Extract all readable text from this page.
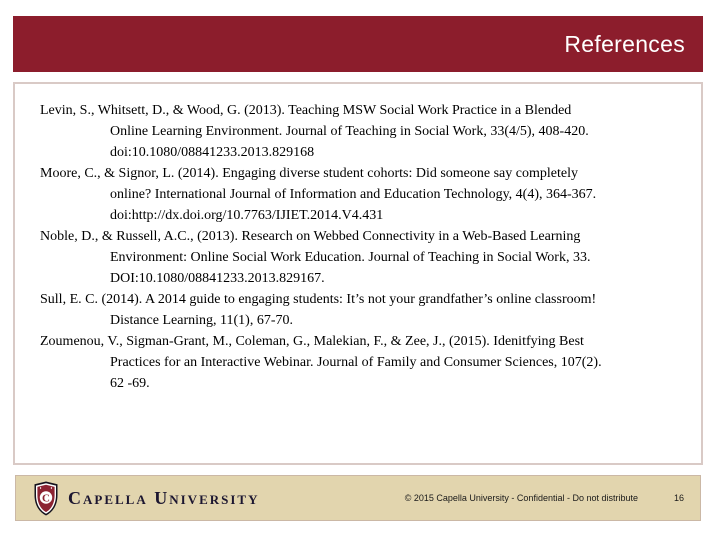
References
Levin, S., Whitsett, D., & Wood, G. (2013). Teaching MSW Social Work Practice in a Blended
Online Learning Environment. Journal of Teaching in Social Work, 33(4/5), 408-420.
doi:10.1080/08841233.2013.829168
Moore, C., & Signor, L. (2014). Engaging diverse student cohorts: Did someone say completely
online? International Journal of Information and Education Technology, 4(4), 364-367.
doi:http://dx.doi.org/10.7763/IJIET.2014.V4.431
Noble, D., & Russell, A.C., (2013). Research on Webbed Connectivity in a Web-Based Learning
Environment: Online Social Work Education. Journal of Teaching in Social Work, 33.
DOI:10.1080/08841233.2013.829167.
Sull, E. C. (2014). A 2014 guide to engaging students: It’s not your grandfather’s online classroom!
Distance Learning, 11(1), 67-70.
Zoumenou, V., Sigman-Grant, M., Coleman, G., Malekian, F., & Zee, J., (2015). Idenitfying Best
Practices for an Interactive Webinar. Journal of Family and Consumer Sciences, 107(2).
62 -69.
C Capella University	© 2015 Capella University - Confidential - Do not distribute	16
